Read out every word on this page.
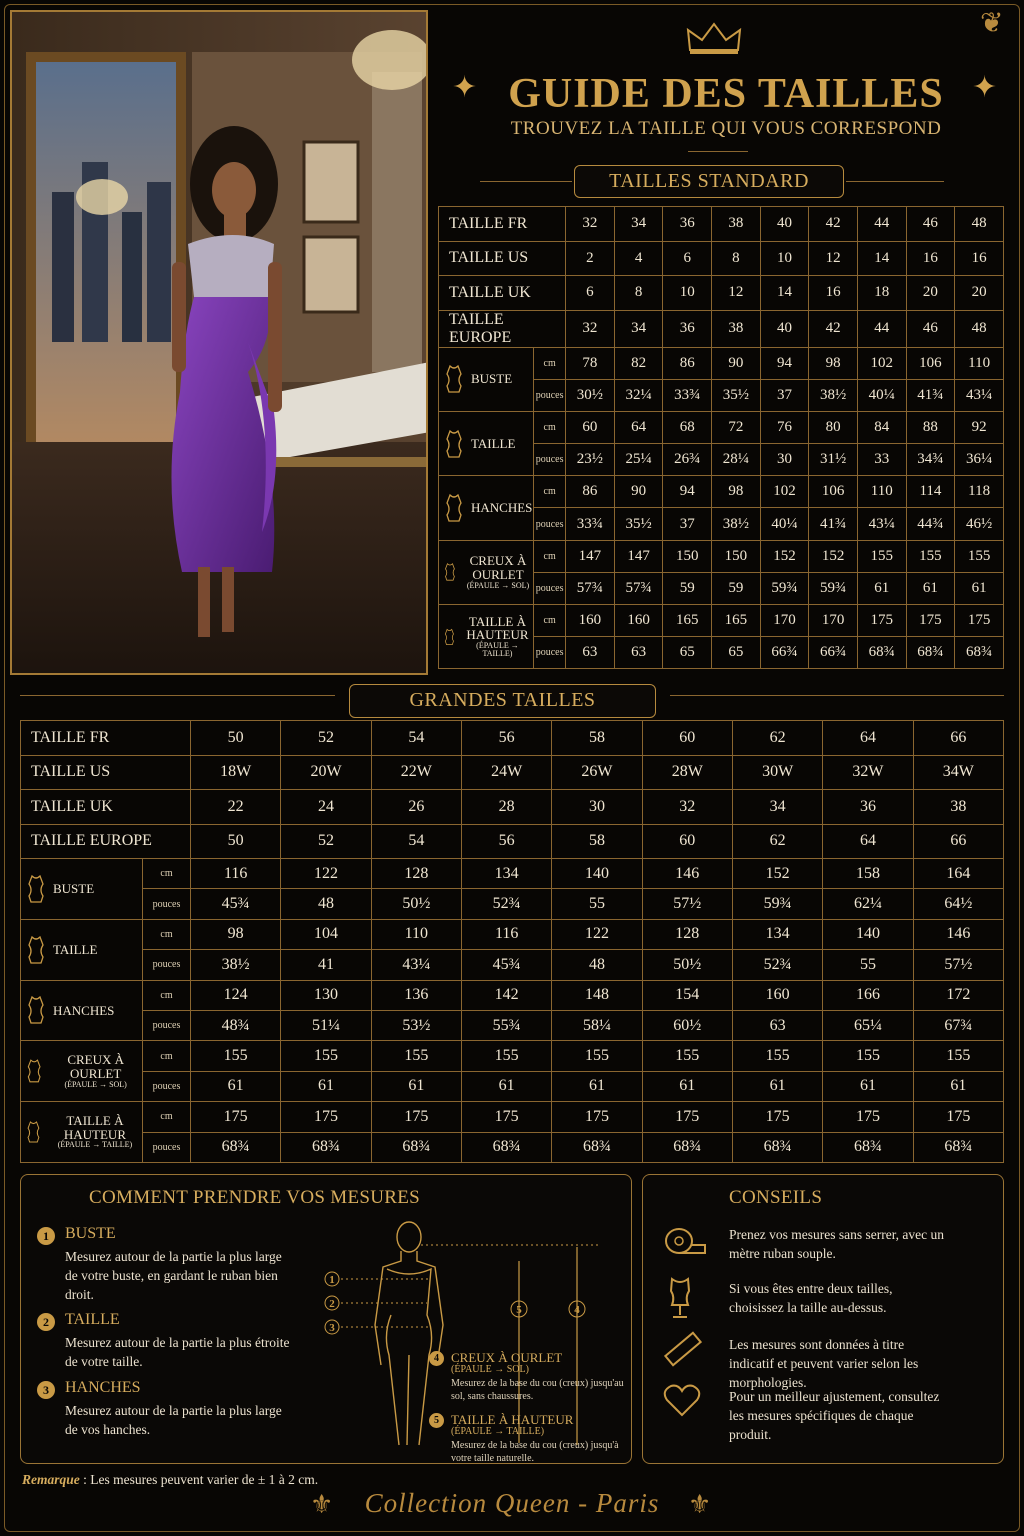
❦
✦	✦
GUIDE DES TAILLES
TROUVEZ LA TAILLE QUI VOUS CORRESPOND
TAILLES STANDARD
TAILLE FR		32	34	36	38	40	42	44	46	48
TAILLE US		2	4	6	8	10	12	14	16	16
TAILLE UK		6	8	10	12	14	16	18	20	20
TAILLE EUROPE		32	34	36	38	40	42	44	46	48

BUSTE	cm	78	82	86	90	94	98	102	106	110
	pouces	30½	32¼	33¾	35½	37	38½	40¼	41¾	43¼

TAILLE	cm	60	64	68	72	76	80	84	88	92
	pouces	23½	25¼	26¾	28¼	30	31½	33	34¾	36¼

HANCHES	cm	86	90	94	98	102	106	110	114	118
	pouces	33¾	35½	37	38½	40¼	41¾	43¼	44¾	46½

CREUX À OURLET
(ÉPAULE → SOL)	cm	147	147	150	150	152	152	155	155	155
	pouces	57¾	57¾	59	59	59¾	59¾	61	61	61

TAILLE À HAUTEUR
(ÉPAULE → TAILLE)	cm	160	160	165	165	170	170	175	175	175
	pouces	63	63	65	65	66¾	66¾	68¾	68¾	68¾
GRANDES TAILLES
TAILLE FR		50	52	54	56	58	60	62	64	66
TAILLE US		18W	20W	22W	24W	26W	28W	30W	32W	34W
TAILLE UK		22	24	26	28	30	32	34	36	38
TAILLE EUROPE		50	52	54	56	58	60	62	64	66

BUSTE	cm	116	122	128	134	140	146	152	158	164
	pouces	45¾	48	50½	52¾	55	57½	59¾	62¼	64½

TAILLE	cm	98	104	110	116	122	128	134	140	146
	pouces	38½	41	43¼	45¾	48	50½	52¾	55	57½

HANCHES	cm	124	130	136	142	148	154	160	166	172
	pouces	48¾	51¼	53½	55¾	58¼	60½	63	65¼	67¾

CREUX À OURLET
(ÉPAULE → SOL)	cm	155	155	155	155	155	155	155	155	155
	pouces	61	61	61	61	61	61	61	61	61

TAILLE À HAUTEUR
(ÉPAULE → TAILLE)	cm	175	175	175	175	175	175	175	175	175
	pouces	68¾	68¾	68¾	68¾	68¾	68¾	68¾	68¾	68¾
COMMENT PRENDRE VOS MESURES
1	BUSTE
Mesurez autour de la partie la plus large de votre buste, en gardant le ruban bien droit.
2	TAILLE
Mesurez autour de la partie la plus étroite de votre taille.
3	HANCHES
Mesurez autour de la partie la plus large de vos hanches.
1
2
3
5	4
4 CREUX À OURLET
(ÉPAULE → SOL)
Mesurez de la base du cou (creux) jusqu'au sol, sans chaussures.
5 TAILLE À HAUTEUR
(ÉPAULE → TAILLE)
Mesurez de la base du cou (creux) jusqu'à votre taille naturelle.
CONSEILS
Prenez vos mesures sans serrer, avec un mètre ruban souple.
Si vous êtes entre deux tailles, choisissez la taille au-dessus.
Les mesures sont données à titre indicatif et peuvent varier selon les morphologies.
Pour un meilleur ajustement, consultez les mesures spécifiques de chaque produit.
Remarque : Les mesures peuvent varier de ± 1 à 2 cm.
⚜	⚜
Collection Queen - Paris
